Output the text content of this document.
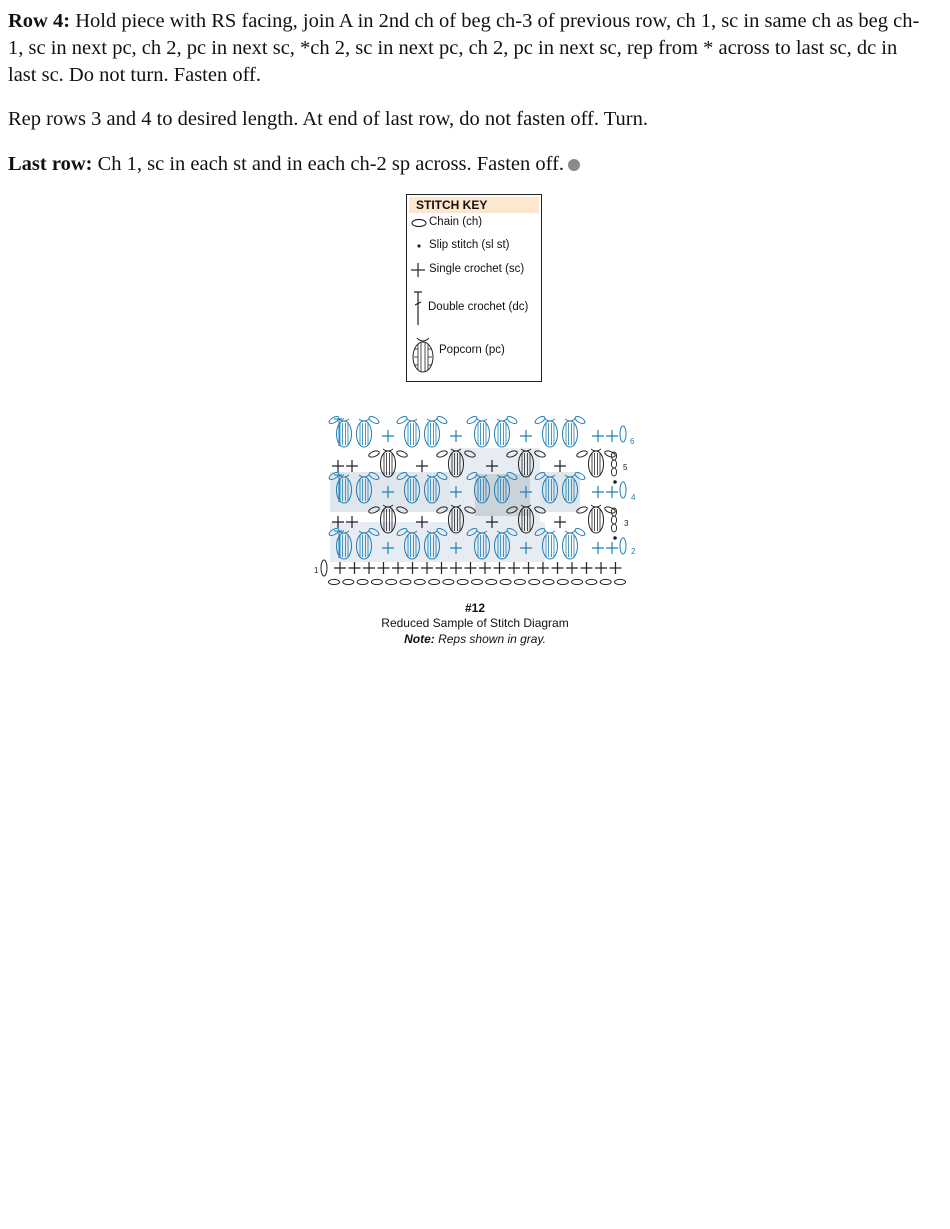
Row 4: Hold piece with RS facing, join A in 2nd ch of beg ch-3 of previous row, ch 1, sc in same ch as beg ch-1, sc in next pc, ch 2, pc in next sc, *ch 2, sc in next pc, ch 2, pc in next sc, rep from * across to last sc, dc in last sc. Do not turn. Fasten off.
Rep rows 3 and 4 to desired length. At end of last row, do not fasten off. Turn.
Last row: Ch 1, sc in each st and in each ch-2 sp across. Fasten off.
STITCH KEY
Chain (ch)
Slip stitch (sl st)
Single crochet (sc)
Double crochet (dc)
Popcorn (pc)
1
2
3
4
5
6
#12
Reduced Sample of Stitch Diagram
Note: Reps shown in gray.
